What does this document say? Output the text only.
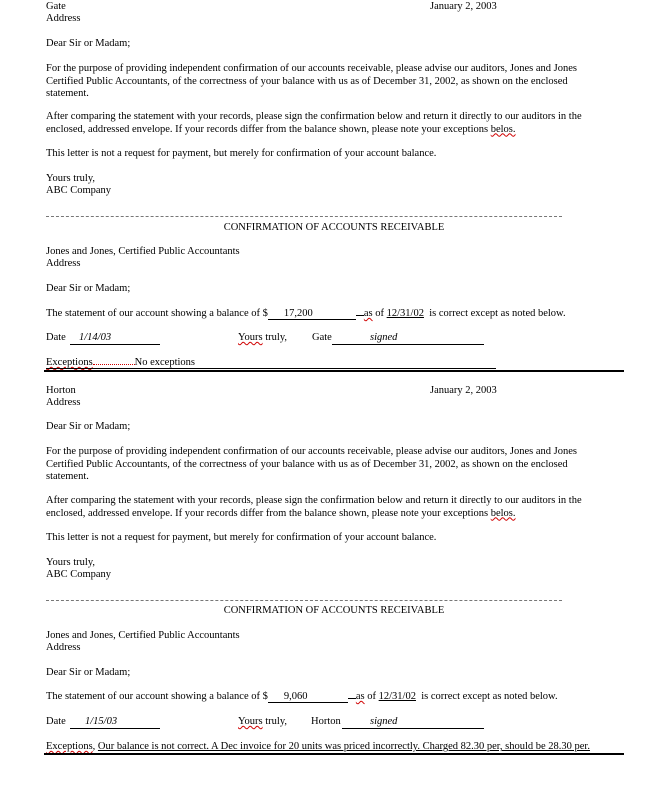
Gate	January 2, 2003
Address
Dear Sir or Madam;
For the purpose of providing independent confirmation of our accounts receivable, please advise our auditors, Jones and Jones Certified Public Accountants, of the correctness of your balance with us as of December 31, 2002, as shown on the enclosed statement.
After comparing the statement with your records, please sign the confirmation below and return it directly to our auditors in the enclosed, addressed envelope. If your records differ from the balance shown, please note your exceptions belos.
This letter is not a request for payment, but merely for confirmation of your account balance.
Yours truly,
ABC Company
CONFIRMATION OF ACCOUNTS RECEIVABLE
Jones and Jones, Certified Public Accountants
Address
Dear Sir or Madam;
The statement of our account showing a balance of $ 17,200	as of 12/31/02 is correct except as noted below.
Date	1/14/03	Yours truly, Gate	signed
Exceptions	No exceptions
Horton	January 2, 2003
Address
Dear Sir or Madam;
For the purpose of providing independent confirmation of our accounts receivable, please advise our auditors, Jones and Jones Certified Public Accountants, of the correctness of your balance with us as of December 31, 2002, as shown on the enclosed statement.
After comparing the statement with your records, please sign the confirmation below and return it directly to our auditors in the enclosed, addressed envelope. If your records differ from the balance shown, please note your exceptions belos.
This letter is not a request for payment, but merely for confirmation of your account balance.
Yours truly,
ABC Company
CONFIRMATION OF ACCOUNTS RECEIVABLE
Jones and Jones, Certified Public Accountants
Address
Dear Sir or Madam;
The statement of our account showing a balance of $ 9,060	as of 12/31/02 is correct except as noted below.
Date	1/15/03	Yours truly, Horton	signed
Exceptions, Our balance is not correct. A Dec invoice for 20 units was priced incorrectly. Charged 82.30 per, should be 28.30 per.
